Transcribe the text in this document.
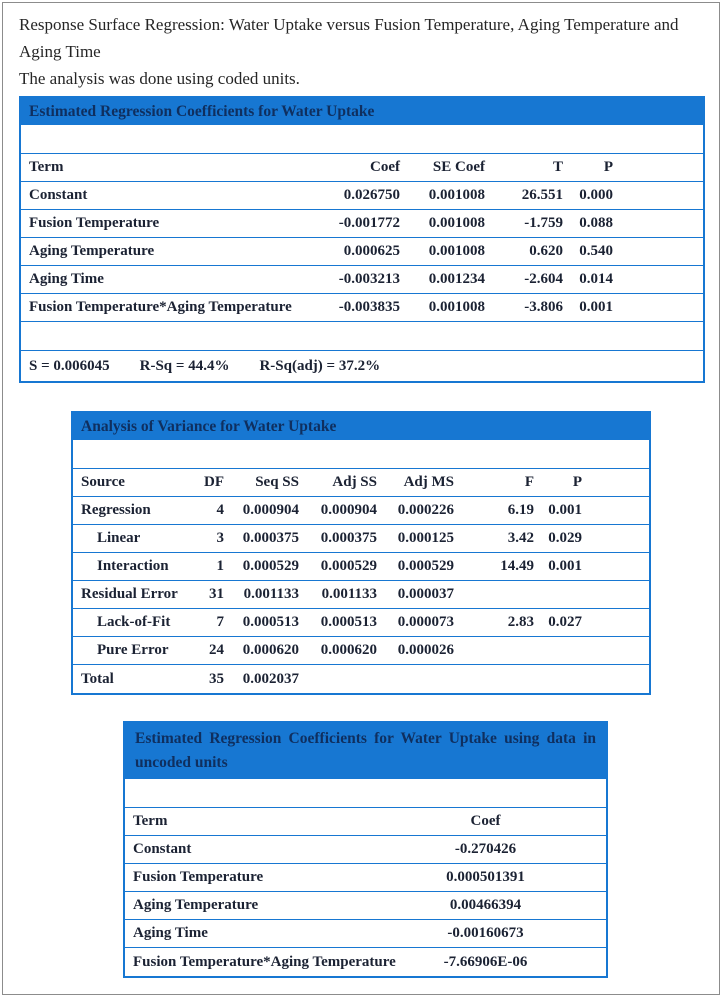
Response Surface Regression: Water Uptake versus Fusion Temperature, Aging Temperature and Aging Time
The analysis was done using coded units.
Estimated Regression Coefficients for Water Uptake
Term	Coef	SE Coef	T	P
Constant	0.026750	0.001008	26.551	0.000
Fusion Temperature	-0.001772	0.001008	-1.759	0.088
Aging Temperature	0.000625	0.001008	0.620	0.540
Aging Time	-0.003213	0.001234	-2.604	0.014
Fusion Temperature*Aging Temperature	-0.003835	0.001008	-3.806	0.001
S = 0.006045 R-Sq = 44.4% R-Sq(adj) = 37.2%
Analysis of Variance for Water Uptake
Source	DF	Seq SS	Adj SS	Adj MS	F	P
Regression	4	0.000904	0.000904	0.000226	6.19 0.001
Linear	3	0.000375	0.000375	0.000125	3.42 0.029
Interaction	1	0.000529	0.000529	0.000529	14.49 0.001
Residual Error	31	0.001133	0.001133	0.000037
Lack-of-Fit	7	0.000513	0.000513	0.000073	2.83 0.027
Pure Error	24	0.000620	0.000620	0.000026
Total	35	0.002037
Estimated Regression Coefficients for Water Uptake using data in uncoded units
Term	Coef
Constant	-0.270426
Fusion Temperature	0.000501391
Aging Temperature	0.00466394
Aging Time	-0.00160673
Fusion Temperature*Aging Temperature	-7.66906E-06
